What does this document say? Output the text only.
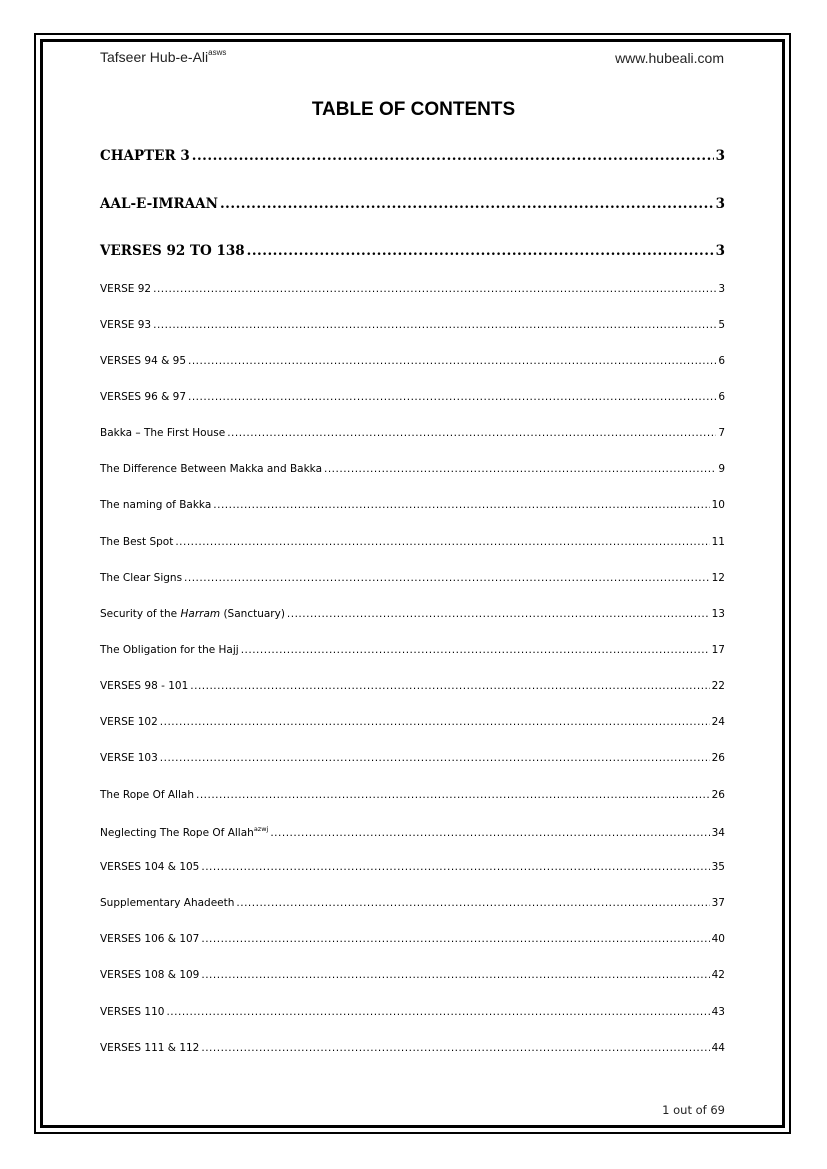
Tafseer Hub-e-Ali$^{asws}$	www.hubeali.com
TABLE OF CONTENTS
CHAPTER 3 .....	3
AAL-E-IMRAAN .....	3
VERSES 92 TO 138 .....	3
VERSE 92 .....	3
VERSE 93 .....	5
VERSES 94 & 95 .....	6
VERSES 96 & 97 .....	6
Bakka – The First House .....	7
The Difference Between Makka and Bakka .....	9
The naming of Bakka .....	10
The Best Spot .....	11
The Clear Signs .....	12
Security of the Harram (Sanctuary) .....	13
The Obligation for the Hajj .....	17
VERSES 98 - 101 .....	22
VERSE 102 .....	24
VERSE 103 .....	26
The Rope Of Allah .....	26
Neglecting The Rope Of Allah$^{azwj}$ .....	34
VERSES 104 & 105 .....	35
Supplementary Ahadeeth .....	37
VERSES 106 & 107 .....	40
VERSES 108 & 109 .....	42
VERSES 110 .....	43
VERSES 111 & 112 .....	44
1 out of 69
